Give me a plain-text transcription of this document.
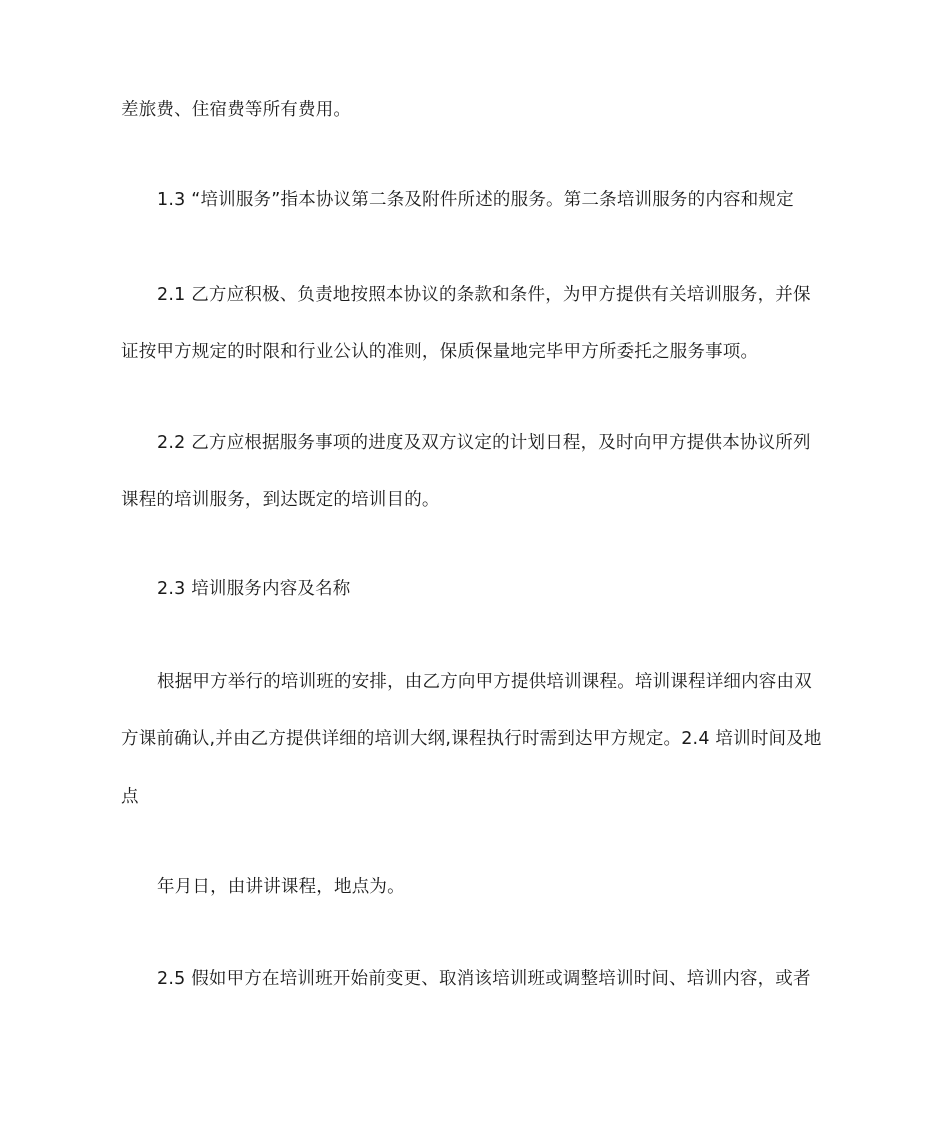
差旅费、住宿费等所有费用。
1.3 “培训服务”指本协议第二条及附件所述的服务。第二条培训服务的内容和规定
2.1 乙方应积极、负责地按照本协议的条款和条件，为甲方提供有关培训服务，并保
证按甲方规定的时限和行业公认的准则，保质保量地完毕甲方所委托之服务事项。
2.2 乙方应根据服务事项的进度及双方议定的计划日程，及时向甲方提供本协议所列
课程的培训服务，到达既定的培训目的。
2.3 培训服务内容及名称
根据甲方举行的培训班的安排，由乙方向甲方提供培训课程。培训课程详细内容由双
方课前确认,并由乙方提供详细的培训大纲,课程执行时需到达甲方规定。2.4 培训时间及地
点
年月日，由讲讲课程，地点为。
2.5 假如甲方在培训班开始前变更、取消该培训班或调整培训时间、培训内容，或者
